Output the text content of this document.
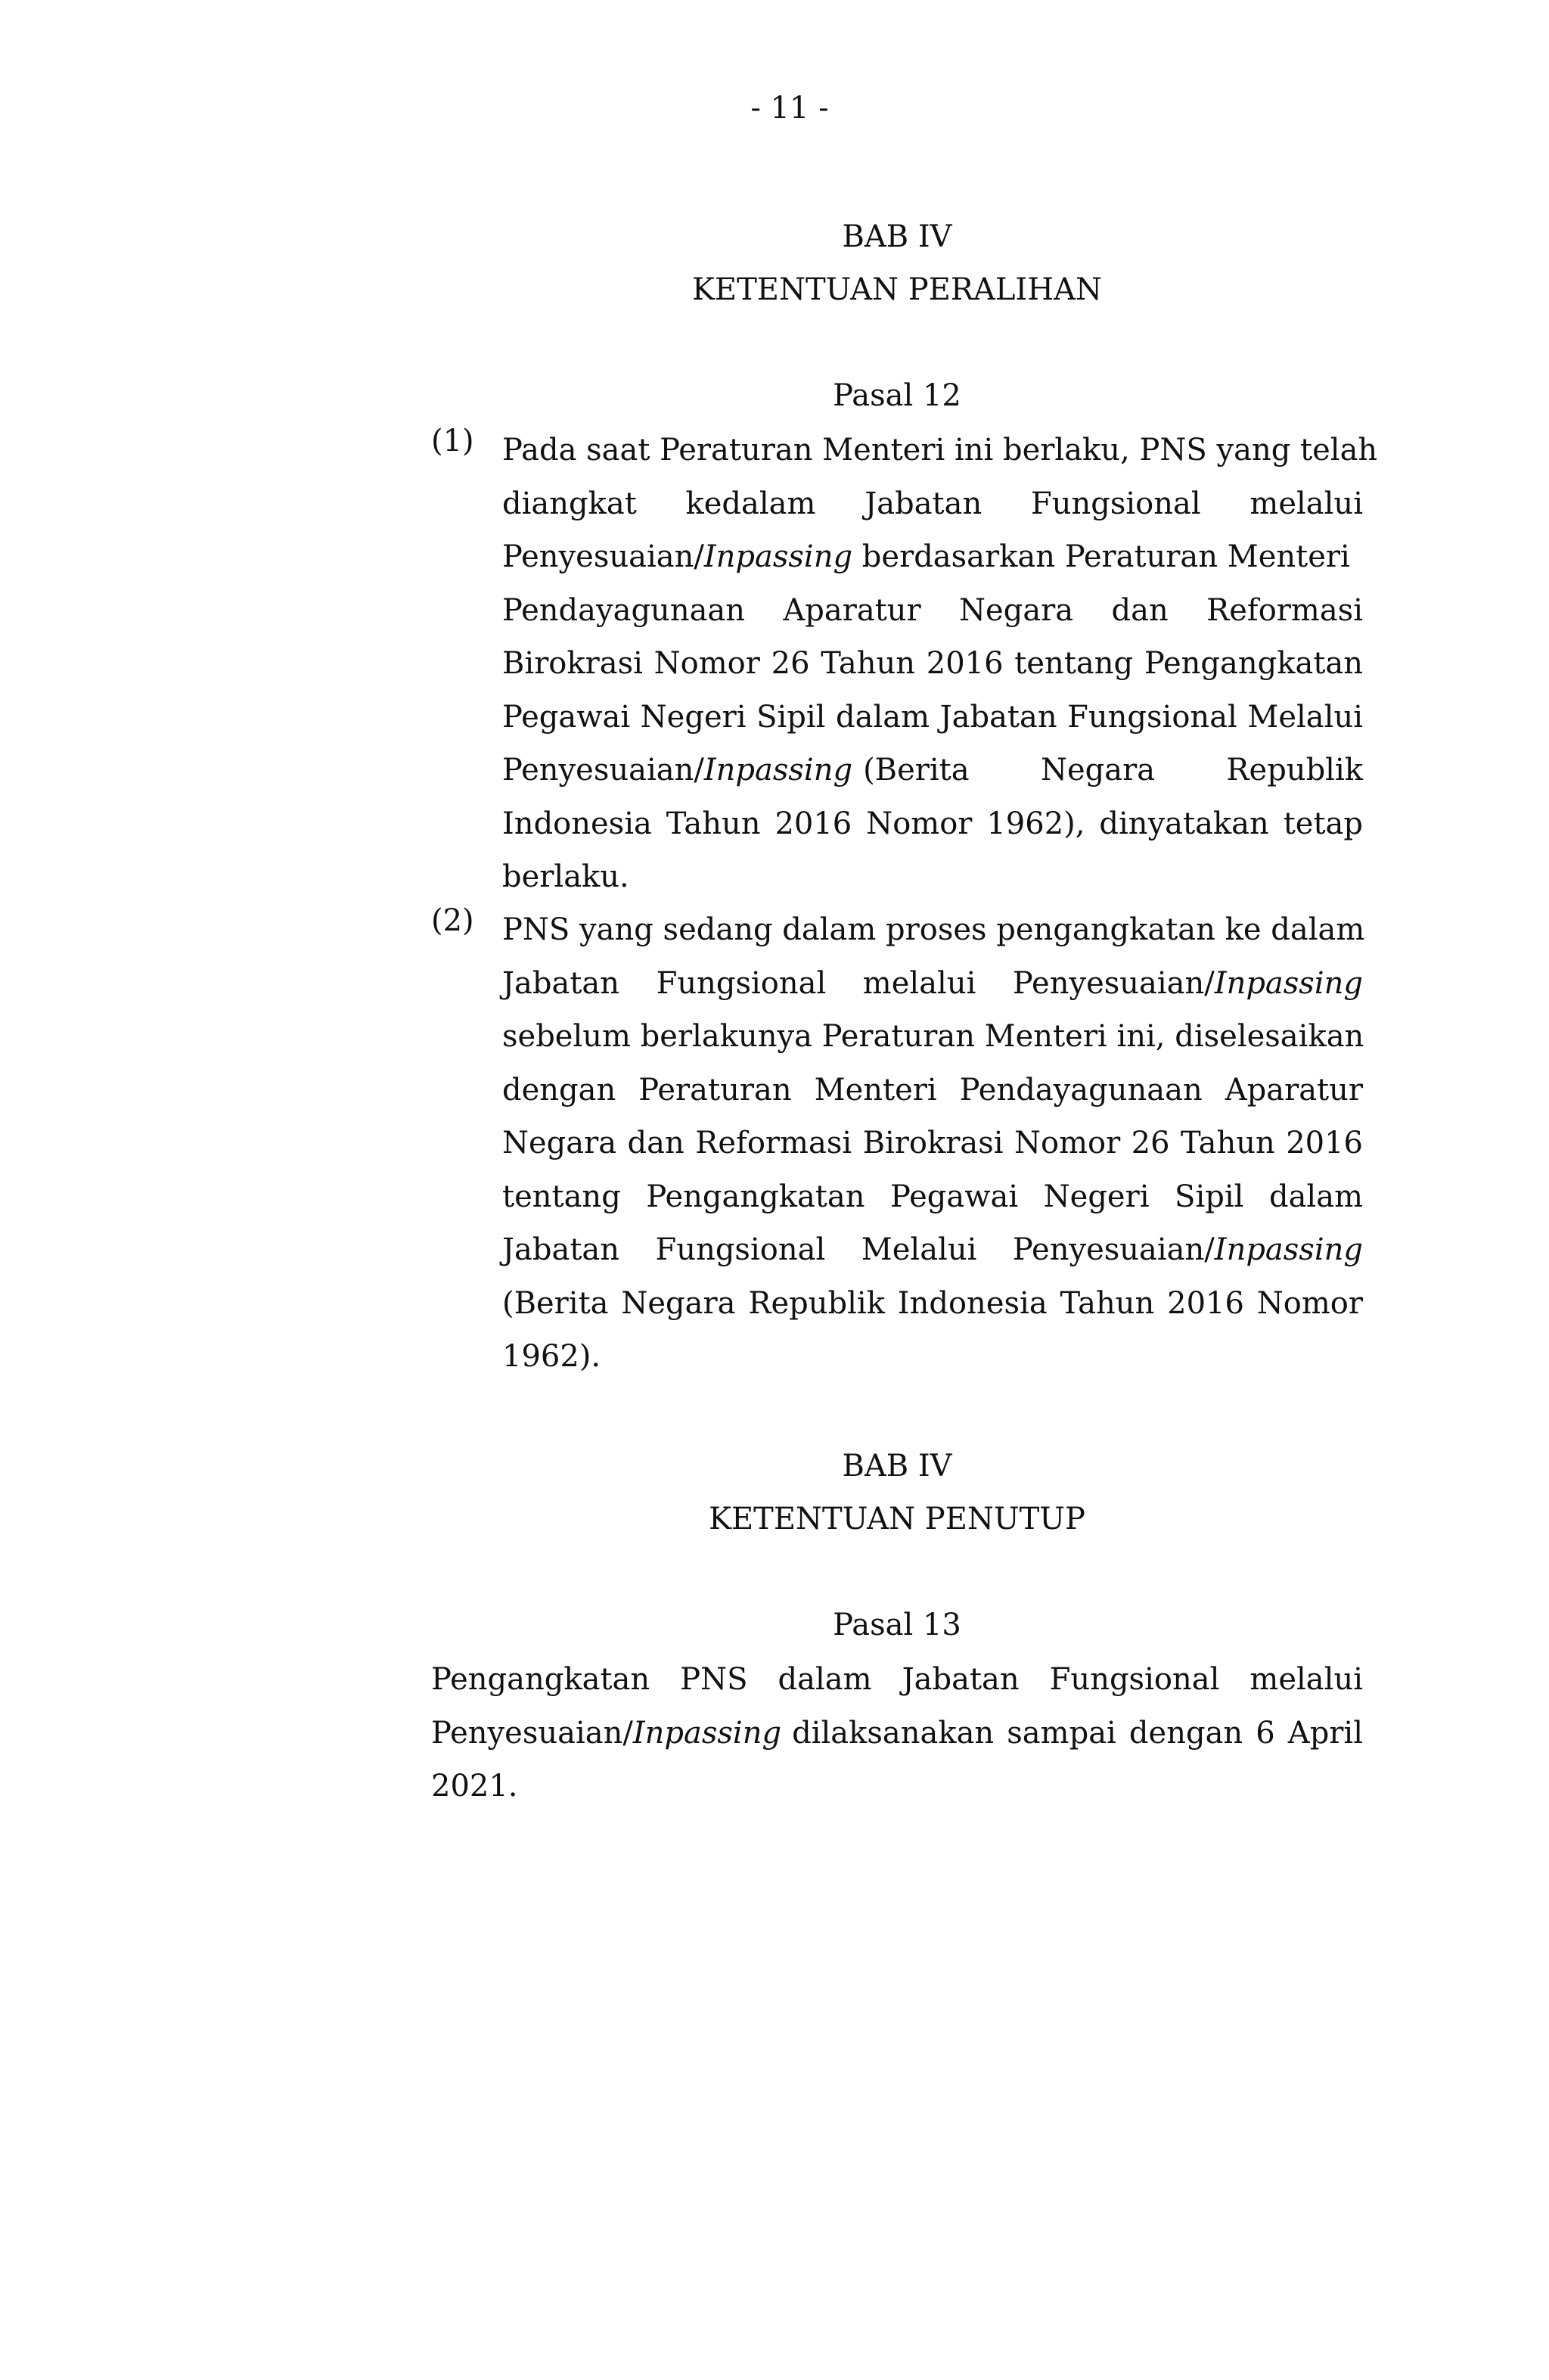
- 11 -
BAB IV
KETENTUAN PERALIHAN
Pasal 12
(1) Pada saat Peraturan Menteri ini berlaku, PNS yang telah
diangkat kedalam Jabatan Fungsional melalui
Penyesuaian/Inpassing berdasarkan Peraturan Menteri
Pendayagunaan Aparatur Negara dan Reformasi
Birokrasi Nomor 26 Tahun 2016 tentang Pengangkatan
Pegawai Negeri Sipil dalam Jabatan Fungsional Melalui
Penyesuaian/Inpassing (Berita Negara Republik
Indonesia Tahun 2016 Nomor 1962), dinyatakan tetap
berlaku.
(2) PNS yang sedang dalam proses pengangkatan ke dalam
Jabatan Fungsional melalui Penyesuaian/ Inpassing
sebelum berlakunya Peraturan Menteri ini, diselesaikan
dengan Peraturan Menteri Pendayagunaan Aparatur
Negara dan Reformasi Birokrasi Nomor 26 Tahun 2016
tentang Pengangkatan Pegawai Negeri Sipil dalam
Jabatan Fungsional Melalui Penyesuaian/ Inpassing
(Berita Negara Republik Indonesia Tahun 2016 Nomor
1962).
BAB IV
KETENTUAN PENUTUP
Pasal 13
Pengangkatan PNS dalam Jabatan Fungsional melalui
Penyesuaian/Inpassing dilaksanakan sampai dengan 6 April
2021.
